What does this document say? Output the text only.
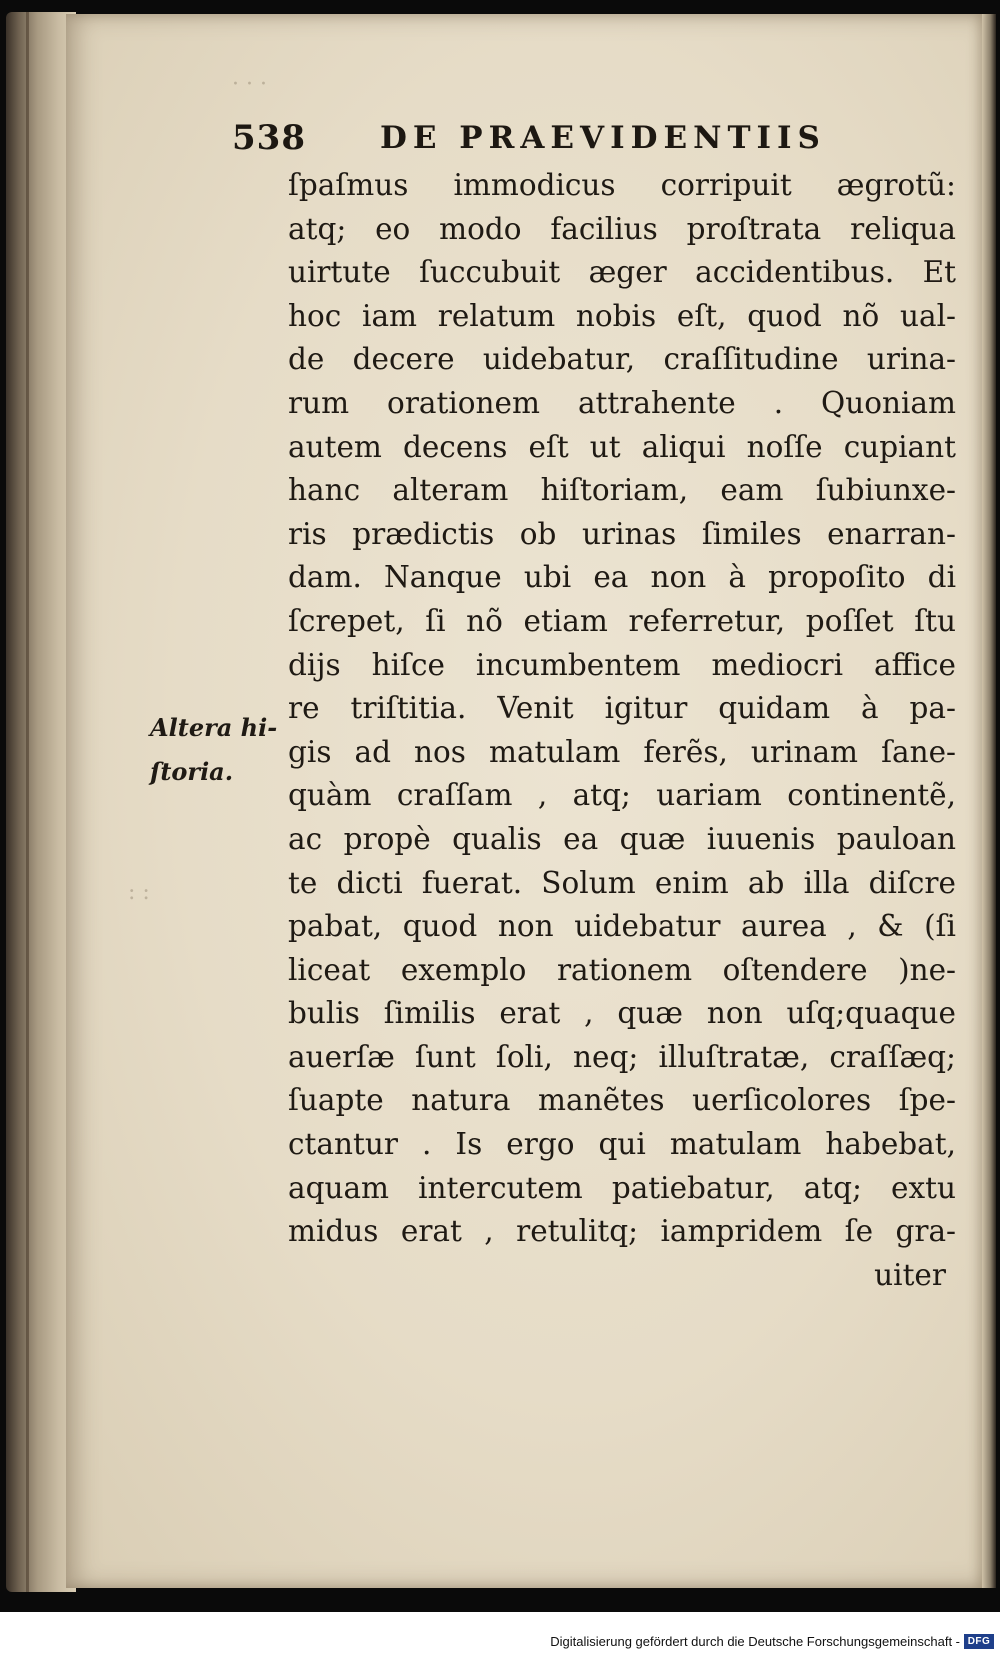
· · ·
: :
538 DE PRAEVIDENTIIS
Altera hi-
ſtoria.
ſpaſmus immodicus corripuit ægrotũ:
atq; eo modo facilius proſtrata reliqua
uirtute ſuccubuit æger accidentibus. Et
hoc iam relatum nobis eſt, quod nõ ual-
de decere uidebatur, craſſitudine urina-
rum orationem attrahente . Quoniam
autem decens eſt ut aliqui noſſe cupiant
hanc alteram hiſtoriam, eam ſubiunxe-
ris prædictis ob urinas ſimiles enarran-
dam. Nanque ubi ea non à propoſito di
ſcrepet, ſi nõ etiam referretur, poſſet ſtu
dijs hiſce incumbentem mediocri affice
re triſtitia. Venit igitur quidam à pa-
gis ad nos matulam ferẽs, urinam ſane-
quàm craſſam , atq; uariam continentẽ,
ac propè qualis ea quæ iuuenis pauloan
te dicti fuerat. Solum enim ab illa diſcre
pabat, quod non uidebatur aurea , & (ſi
liceat exemplo rationem oſtendere )ne-
bulis ſimilis erat , quæ non uſq;quaque
auerſæ ſunt ſoli, neq; illuſtratæ, craſſæq;
ſuapte natura manẽtes uerſicolores ſpe-
ctantur . Is ergo qui matulam habebat,
aquam intercutem patiebatur, atq; extu
midus erat , retulitq; iampridem ſe gra-
uiter
Digitalisierung gefördert durch die Deutsche Forschungsgemeinschaft - DFG
